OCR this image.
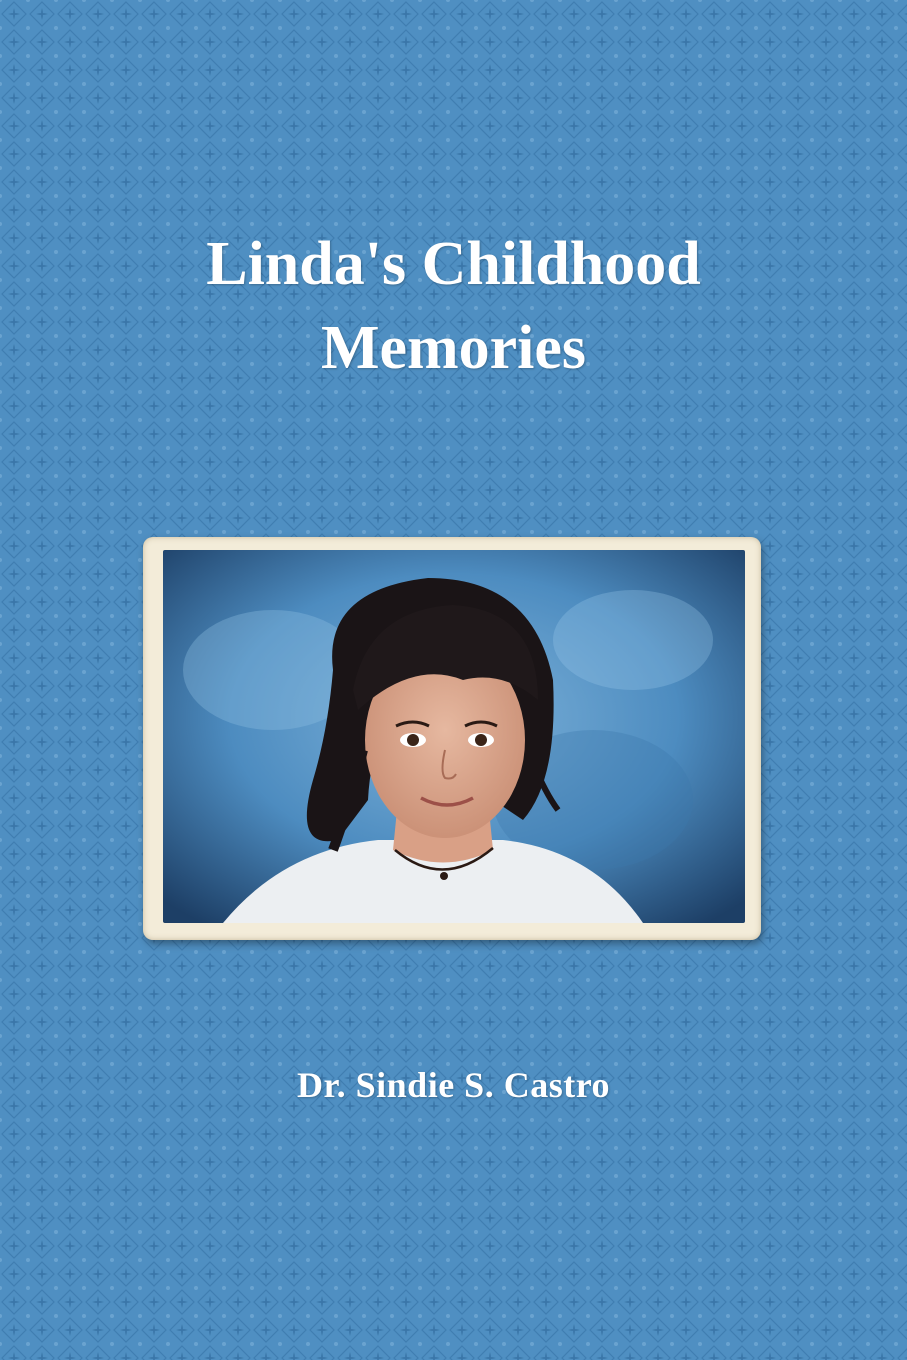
Linda's Childhood
Memories
Dr. Sindie S. Castro
